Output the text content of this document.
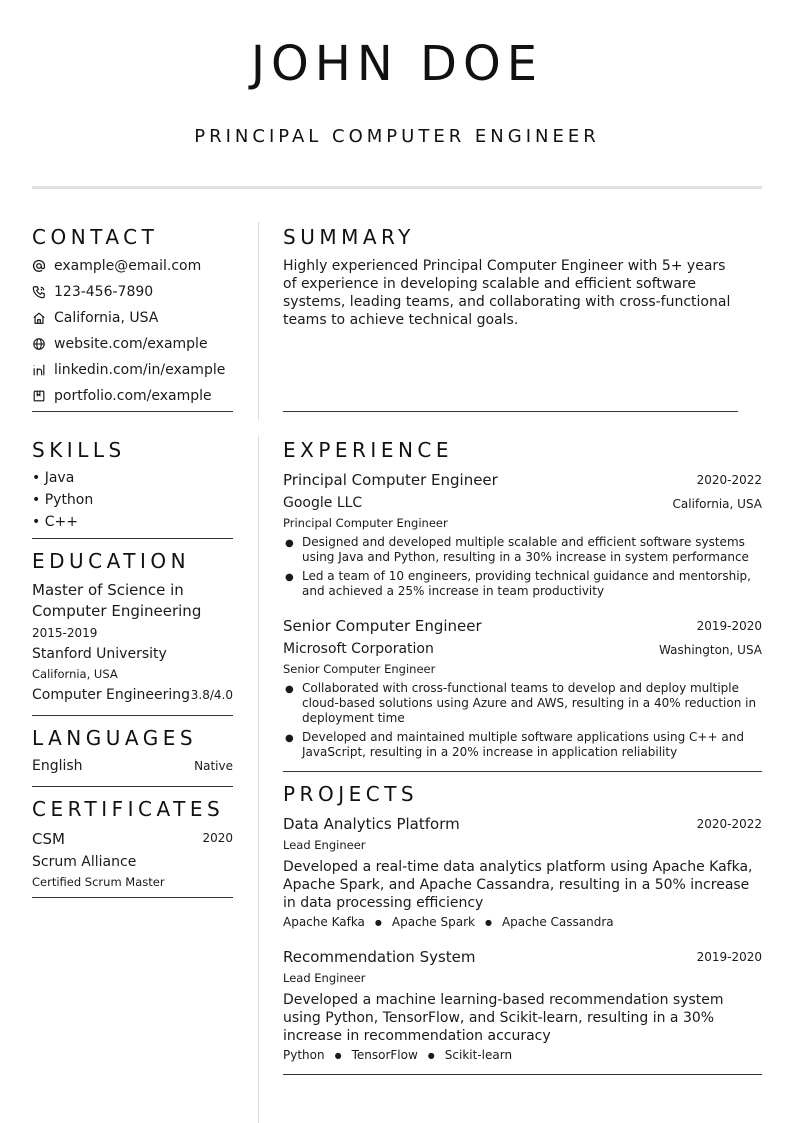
JOHN DOE
PRINCIPAL COMPUTER ENGINEER
CONTACT
example@email.com
123-456-7890
California, USA
website.com/example
linkedin.com/in/example
portfolio.com/example
SKILLS
• Java
• Python
• C++
EDUCATION
Master of Science in
Computer Engineering
2015-2019
Stanford University
California, USA
Computer Engineering 3.8/4.0
LANGUAGES
English	Native
CERTIFICATES
CSM	2020
Scrum Alliance
Certified Scrum Master
SUMMARY
Highly experienced Principal Computer Engineer with 5+ years of experience in developing scalable and efficient software systems, leading teams, and collaborating with cross-functional teams to achieve technical goals.
EXPERIENCE
Principal Computer Engineer	2020-2022
Google LLC	California, USA
Principal Computer Engineer
● Designed and developed multiple scalable and efficient software systems using Java and Python, resulting in a 30% increase in system performance
● Led a team of 10 engineers, providing technical guidance and mentorship, and achieved a 25% increase in team productivity
Senior Computer Engineer	2019-2020
Microsoft Corporation	Washington, USA
Senior Computer Engineer
● Collaborated with cross-functional teams to develop and deploy multiple cloud-based solutions using Azure and AWS, resulting in a 40% reduction in deployment time
● Developed and maintained multiple software applications using C++ and JavaScript, resulting in a 20% increase in application reliability
PROJECTS
Data Analytics Platform	2020-2022
Lead Engineer
Developed a real-time data analytics platform using Apache Kafka, Apache Spark, and Apache Cassandra, resulting in a 50% increase in data processing efficiency
Apache Kafka ● Apache Spark ● Apache Cassandra
Recommendation System	2019-2020
Lead Engineer
Developed a machine learning-based recommendation system using Python, TensorFlow, and Scikit-learn, resulting in a 30% increase in recommendation accuracy
Python ● TensorFlow ● Scikit-learn
